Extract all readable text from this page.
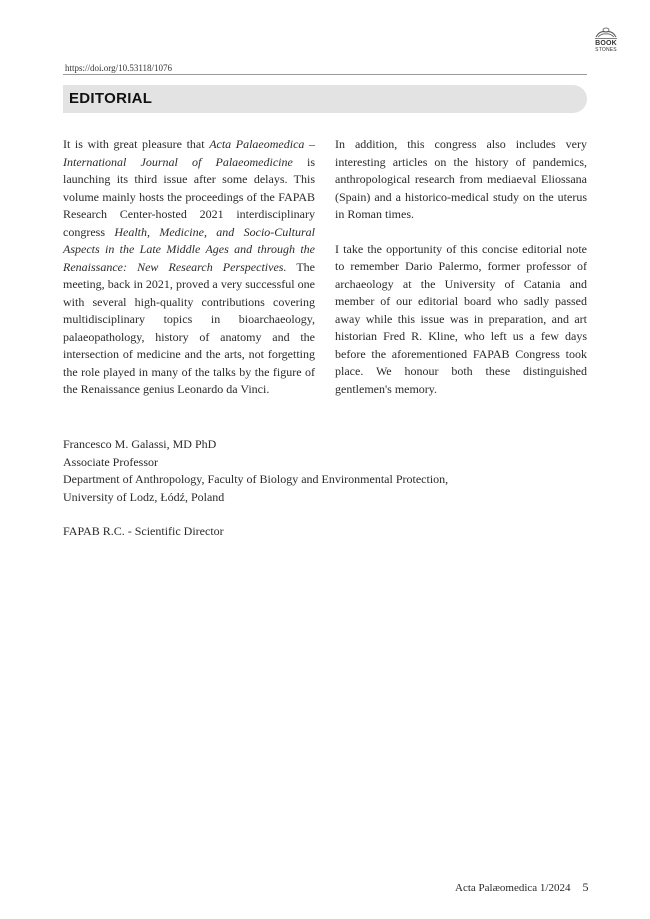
BOOK
STONES
https://doi.org/10.53118/1076
EDITORIAL

It is with great pleasure that Acta Palaeomedica – International Journal of Palaeomedicine is launching its third issue after some delays. This volume mainly hosts the proceedings of the FAPAB Research Center-hosted 2021 interdisciplinary congress Health, Medicine, and Socio-Cultural Aspects in the Late Middle Ages and through the Renaissance: New Research Perspectives. The meeting, back in 2021, proved a very successful one with several high-quality contributions covering multidisciplinary topics in bioarchaeology, palaeopathology, history of anatomy and the intersection of medicine and the arts, not forgetting the role played in many of the talks by the figure of the Renaissance genius Leonardo da Vinci.

In addition, this congress also includes very interesting articles on the history of pandemics, anthropological research from mediaeval Eliossana (Spain) and a historico-medical study on the uterus in Roman times.

I take the opportunity of this concise editorial note to remember Dario Palermo, former professor of archaeology at the University of Catania and member of our editorial board who sadly passed away while this issue was in preparation, and art historian Fred R. Kline, who left us a few days before the aforementioned FAPAB Congress took place. We honour both these distinguished gentlemen's memory.

Francesco M. Galassi, MD PhD
Associate Professor
Department of Anthropology, Faculty of Biology and Environmental Protection,
University of Lodz, Łódź, Poland
FAPAB R.C. - Scientific Director
Acta Palæomedica 1/2024 5
